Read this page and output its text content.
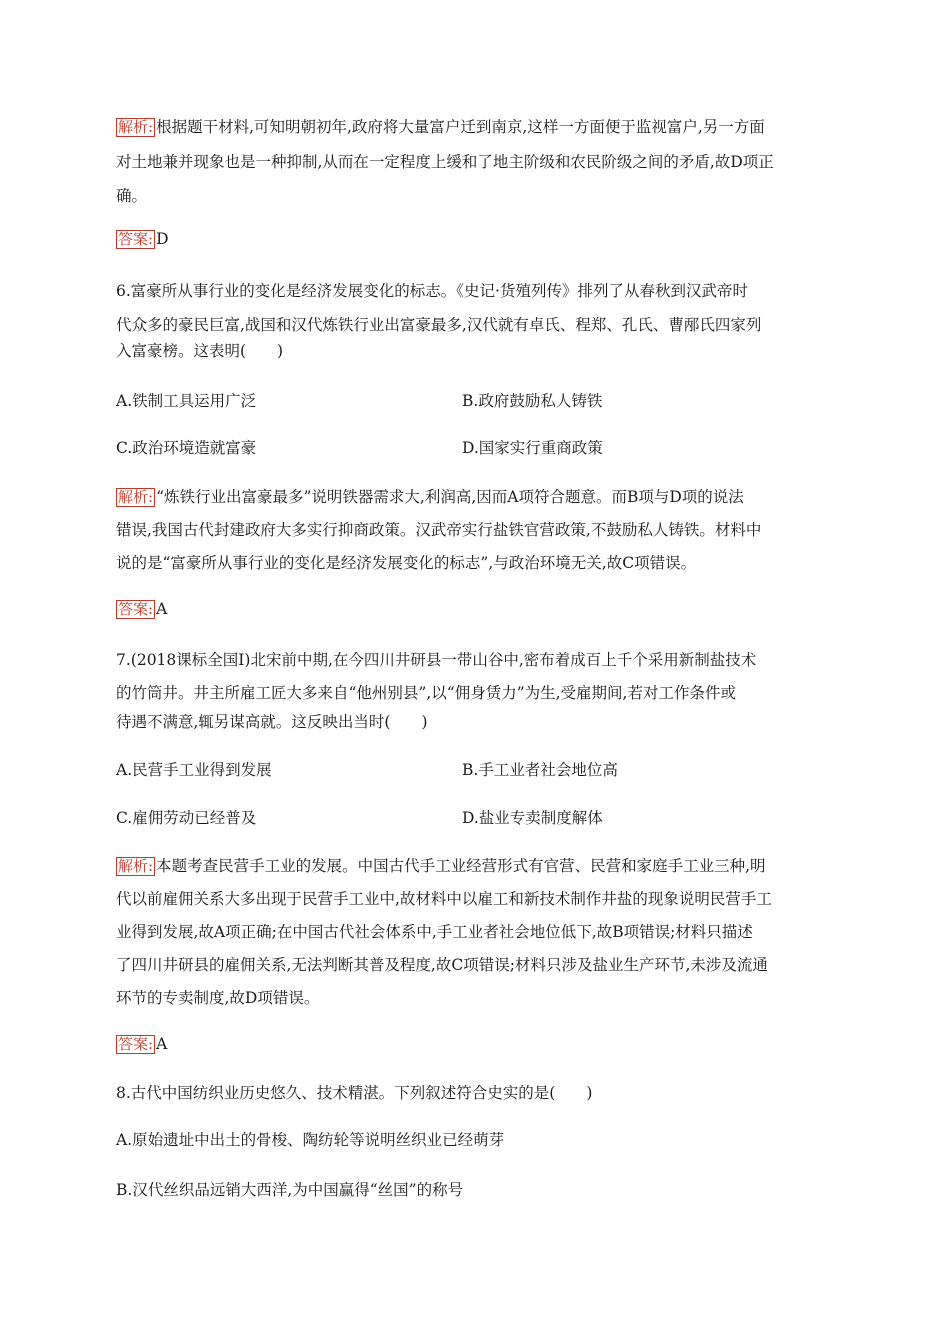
解析: 根据题干材料,可知明朝初年,政府将大量富户迁到南京,这样一方面便于监视富户,另一方面
对土地兼并现象也是一种抑制,从而在一定程度上缓和了地主阶级和农民阶级之间的矛盾,故D项正
确。
答案: D
6.富豪所从事行业的变化是经济发展变化的标志。《史记·货殖列传》排列了从春秋到汉武帝时
代众多的豪民巨富,战国和汉代炼铁行业出富豪最多,汉代就有卓氏、程郑、孔氏、曹邴氏四家列
入富豪榜。这表明(　　)
A.铁制工具运用广泛	B.政府鼓励私人铸铁
C.政治环境造就富豪	D.国家实行重商政策
解析: “炼铁行业出富豪最多”说明铁器需求大,利润高,因而A项符合题意。而B项与D项的说法
错误,我国古代封建政府大多实行抑商政策。汉武帝实行盐铁官营政策,不鼓励私人铸铁。材料中
说的是“富豪所从事行业的变化是经济发展变化的标志”,与政治环境无关,故C项错误。
答案: A
7.(2018课标全国Ⅰ)北宋前中期,在今四川井研县一带山谷中,密布着成百上千个采用新制盐技术
的竹筒井。井主所雇工匠大多来自“他州别县”,以“佣身赁力”为生,受雇期间,若对工作条件或
待遇不满意,辄另谋高就。这反映出当时(　　)
A.民营手工业得到发展	B.手工业者社会地位高
C.雇佣劳动已经普及	D.盐业专卖制度解体
解析: 本题考查民营手工业的发展。中国古代手工业经营形式有官营、民营和家庭手工业三种,明
代以前雇佣关系大多出现于民营手工业中,故材料中以雇工和新技术制作井盐的现象说明民营手工
业得到发展,故A项正确;在中国古代社会体系中,手工业者社会地位低下,故B项错误;材料只描述
了四川井研县的雇佣关系,无法判断其普及程度,故C项错误;材料只涉及盐业生产环节,未涉及流通
环节的专卖制度,故D项错误。
答案: A
8.古代中国纺织业历史悠久、技术精湛。下列叙述符合史实的是(　　)
A.原始遗址中出土的骨梭、陶纺轮等说明丝织业已经萌芽
B.汉代丝织品远销大西洋,为中国赢得“丝国”的称号
